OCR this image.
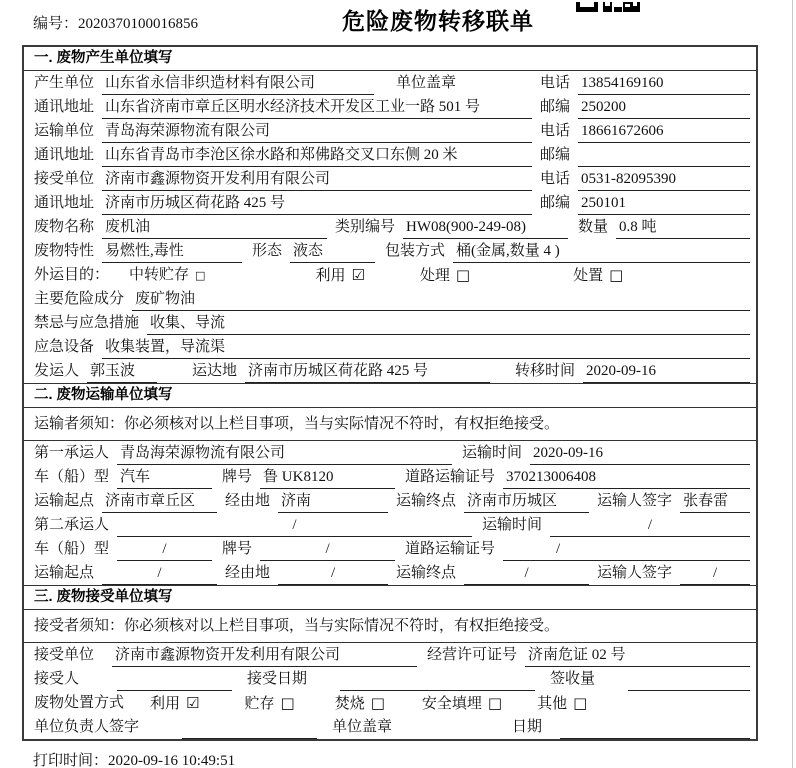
编号：2020370100016856	危险废物转移联单
一. 废物产生单位填写
产生单位 山东省永信非织造材料有限公司	单位盖章	电话 13854169160
通讯地址 山东省济南市章丘区明水经济技术开发区工业一路 501 号	邮编 250200
运输单位 青岛海荣源物流有限公司	电话 18661672606
通讯地址 山东省青岛市李沧区徐水路和郑佛路交叉口东侧 20 米	邮编
接受单位 济南市鑫源物资开发利用有限公司	电话 0531-82095390
通讯地址 济南市历城区荷花路 425 号	邮编 250101
废物名称 废机油	类别编号 HW08(900-249-08)	数量 0.8 吨
废物特性 易燃性,毒性	形态 液态	包装方式 桶(金属,数量 4 )
外运目的： 中转贮存 □	利用 ☑	处理 □	处置 □
主要危险成分 废矿物油
禁忌与应急措施 收集、导流
应急设备 收集装置，导流渠
发运人 郭玉波	运达地 济南市历城区荷花路 425 号	转移时间 2020-09-16
二. 废物运输单位填写
运输者须知：你必须核对以上栏目事项，当与实际情况不符时，有权拒绝接受。
第一承运人 青岛海荣源物流有限公司	运输时间 2020-09-16
车（船）型 汽车	牌号 鲁 UK8120	道路运输证号 370213006408
运输起点 济南市章丘区	经由地 济南	运输终点 济南市历城区	运输人签字 张春雷
第二承运人	/	运输时间	/
车（船）型	/	牌号	/	道路运输证号	/
运输起点	/	经由地	/	运输终点	/	运输人签字	/
三. 废物接受单位填写
接受者须知：你必须核对以上栏目事项，当与实际情况不符时，有权拒绝接受。
接受单位 济南市鑫源物资开发利用有限公司	经营许可证号 济南危证 02 号
接受人	接受日期	签收量
废物处置方式 利用 ☑	贮存 □	焚烧 □ 安全填埋 □ 其他 □
单位负责人签字	单位盖章	日期
打印时间：2020-09-16 10:49:51
